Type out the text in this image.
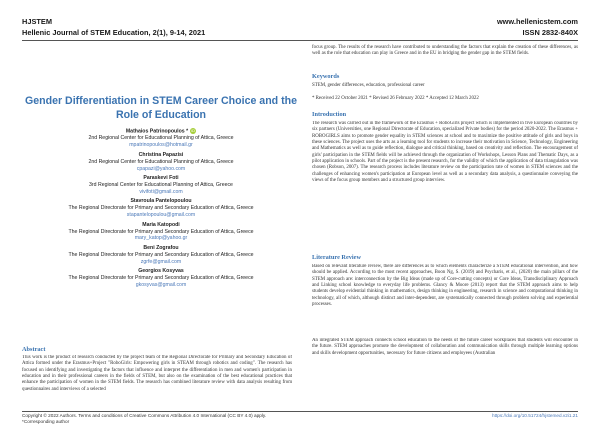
HJSTEM	www.hellenicstem.com
Hellenic Journal of STEM Education, 2(1), 9-14, 2021	ISSN 2832-840X
Gender Differentiation in STEM Career Choice and the Role of Education
Mathaios Patrinopoulos * iD
2nd Regional Center for Educational Planning of Attica, Greece
mpatrinopoulos@hotmail.gr
Christina Papazisi
2nd Regional Center for Educational Planning of Attica, Greece
cpapazi@yahoo.com
Paraskevi Foti
3rd Regional Center for Educational Planning of Attica, Greece
vivifoti@gmail.com
Stavroula Pantelopoulou
The Regional Directorate for Primary and Secondary Education of Attica, Greece
stapantelopoulou@gmail.com
Maria Katopodi
The Regional Directorate for Primary and Secondary Education of Attica, Greece
mary_katop@yahoo.gr
Beni Zografou
The Regional Directorate for Primary and Secondary Education of Attica, Greece
zgrfe@gmail.com
Georgios Kosyvas
The Regional Directorate for Primary and Secondary Education of Attica, Greece
gkosyvas@gmail.com
Abstract
This work is the product of research conducted by the project team of the Regional Directorate for Primary and Secondary Education of Attica formed under the Erasmus+Project "RoboGirls: Empowering girls in STEAM through robotics and coding". The research has focused on identifying and investigating the factors that influence and interpret the differentiation in men and women's participation in education and in their professional careers in the fields of STEM, but also on the examination of the best educational practices that enhance the participation of women in the STEM fields. The research has combined literature review with data analysis resulting from questionnaires and interviews of a selected
focus group. The results of the research have contributed to understanding the factors that explain the creation of these differences, as well as the role that education can play in Greece and in the EU in bridging the gender gap in the STEM fields.
Keywords
STEM, gender differences, education, professional career
* Received 22 October 2021 * Revised 26 February 2022 * Accepted 12 March 2022
Introduction
The research was carried out in the framework of the Erasmus + RoboGirls project which is implemented in five European countries by six partners (Universities, one Regional Directorate of Education, specialized Private bodies) for the period 2020-2022. The Erasmus + ROBOGIRLS aims to promote gender equality in STEM sciences at school and to maximize the positive attitude of girls and boys in these sciences. The project uses the arts as a learning tool for students to increase their motivation in Science, Technology, Engineering and Mathematics as well as to guide reflection, dialogue and critical thinking, based on creativity and reflection. The encouragement of girls' participation in the STEM fields will be achieved through the organization of Workshops, Lesson Plans and Thematic Days, as a pilot application in schools. Part of the project is the present research, for the validity of which the application of data triangulation was chosen (Robson, 2007). The research process includes literature review on the participation rate of women in STEM sciences and the challenges of enhancing women's participation at European level as well as a secondary data analysis, a questionnaire conveying the views of the focus group members and a structured group interview.
Literature Review
Based on relevant literature review, there are differences as to which elements characterize a STEM educational intervention, and how should be applied. According to the most recent approaches, Boon Ng, S. (2019) and Psycharis, et al., (2020) the main pillars of the STEM approach are: interconnection by the Big Ideas (made up of Core-cutting concepts) or Core Ideas, Transdisciplinary Approach and Linking school knowledge to everyday life problems. Glancy & Moore (2013) report that the STEM approach aims to help students develop evidential thinking in mathematics, design thinking in engineering, research in science and computational thinking in technology, all of which, although distinct and inter-dependent, are systematically connected through problem solving and experiential processes.
An integrated STEM approach connects school education to the needs of the future career workplaces that students will encounter in the future. STEM approaches promote the development of collaboration and communication skills through multiple learning options and skills development opportunities, necessary for future citizens and employees (Australian
Copyright © 2022 Authors. Terms and conditions of Creative Commons Attribution 4.0 International (CC BY 4.0) apply.	https://doi.org/10.51724/hjstemed.v2i1.21
*Corresponding author
